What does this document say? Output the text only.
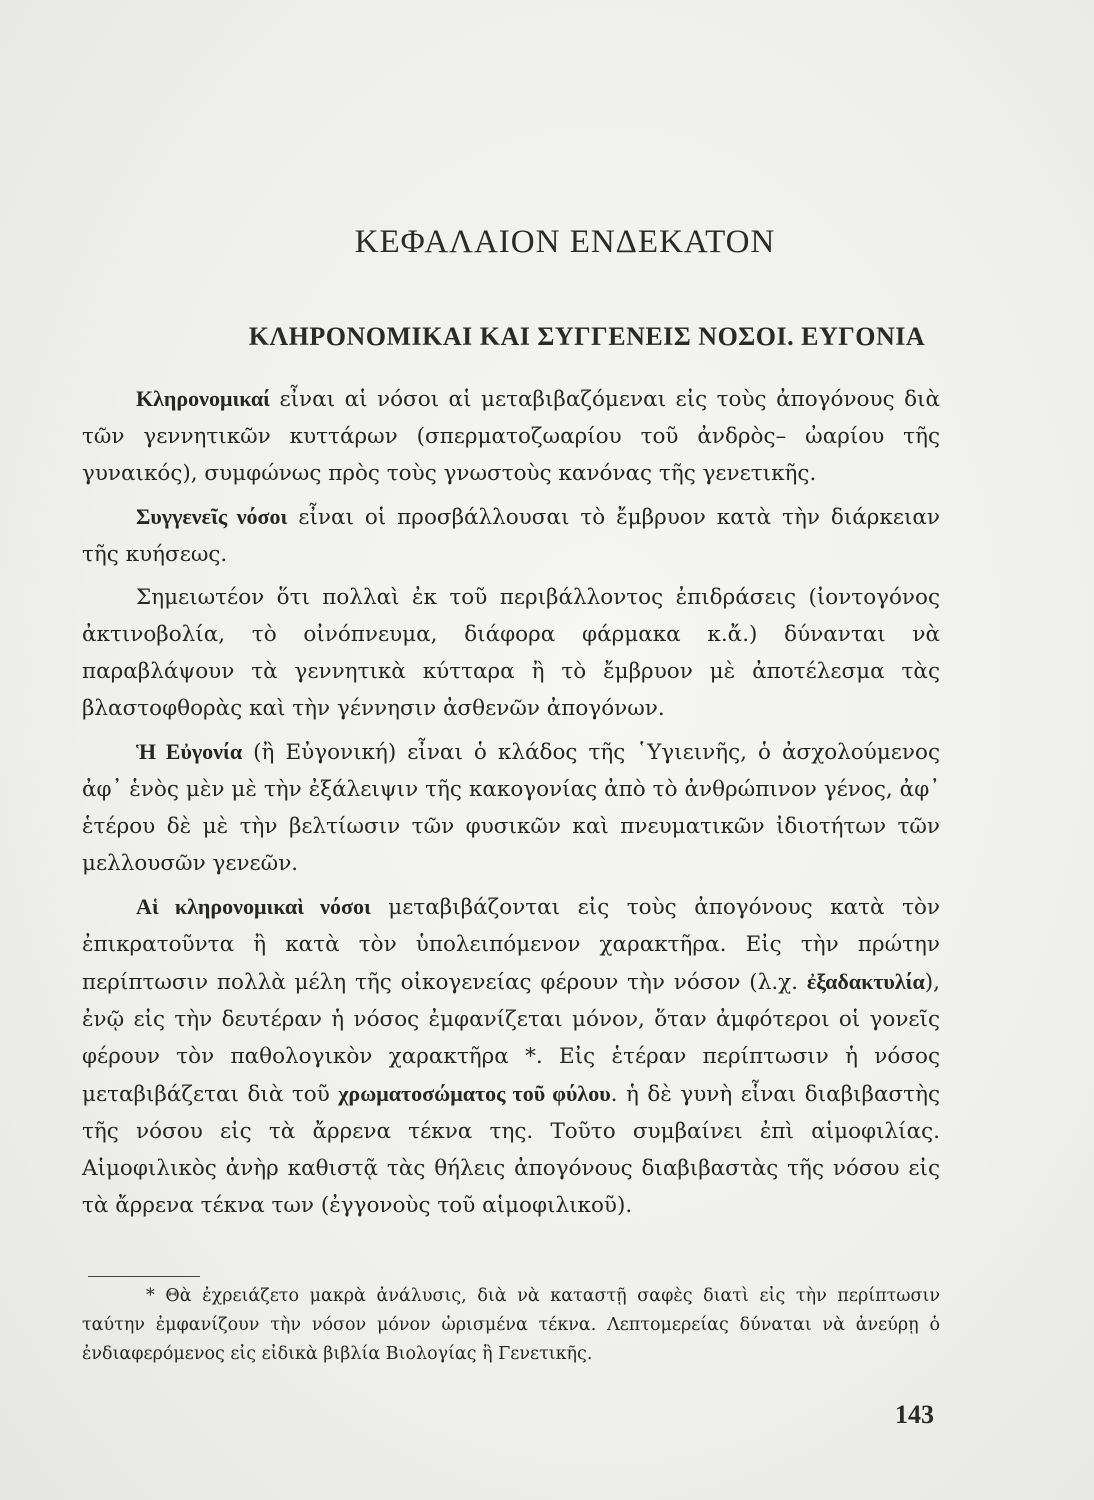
ΚΕΦΑΛΑΙΟΝ ΕΝΔΕΚΑΤΟΝ
ΚΛΗΡΟΝΟΜΙΚΑΙ ΚΑΙ ΣΥΓΓΕΝΕΙΣ ΝΟΣΟΙ. ΕΥΓΟΝΙΑ

Κληρονομικαί εἶναι αἱ νόσοι αἱ μεταβιβαζόμεναι εἰς τοὺς ἀπογόνους διὰ τῶν γεννητικῶν κυττάρων (σπερματοζωαρίου τοῦ ἀνδρὸς– ὠαρίου τῆς γυναικός), συμφώνως πρὸς τοὺς γνωστοὺς κανόνας τῆς γενετικῆς.

Συγγενεῖς νόσοι εἶναι οἱ προσβάλλουσαι τὸ ἔμβρυον κατὰ τὴν διάρκειαν τῆς κυήσεως.

Σημειωτέον ὅτι πολλαὶ ἐκ τοῦ περιβάλλοντος ἐπιδράσεις (ἰοντογόνος ἀκτινοβολία, τὸ οἰνόπνευμα, διάφορα φάρμακα κ.ἄ.) δύνανται νὰ παραβλάψουν τὰ γεννητικὰ κύτταρα ἢ τὸ ἔμβρυον μὲ ἀποτέλεσμα τὰς βλαστοφθορὰς καὶ τὴν γέννησιν ἀσθενῶν ἀπογόνων.

Ἡ Εὐγονία (ἢ Εὐγονική) εἶναι ὁ κλάδος τῆς ῾Υγιεινῆς, ὁ ἀσχολούμενος ἀφ᾿ ἑνὸς μὲν μὲ τὴν ἐξάλειψιν τῆς κακογονίας ἀπὸ τὸ ἀνθρώπινον γένος, ἀφ᾿ ἑτέρου δὲ μὲ τὴν βελτίωσιν τῶν φυσικῶν καὶ πνευματικῶν ἰδιοτήτων τῶν μελλουσῶν γενεῶν.

Αἱ κληρονομικαὶ νόσοι μεταβιβάζονται εἰς τοὺς ἀπογόνους κατὰ τὸν ἐπικρατοῦντα ἢ κατὰ τὸν ὑπολειπόμενον χαρακτῆρα. Εἰς τὴν πρώτην περίπτωσιν πολλὰ μέλη τῆς οἰκογενείας φέρουν τὴν νόσον (λ.χ. ἐξαδακτυλία), ἐνῷ εἰς τὴν δευτέραν ἡ νόσος ἐμφανίζεται μόνον, ὅταν ἀμφότεροι οἱ γονεῖς φέρουν τὸν παθολογικὸν χαρακτῆρα *. Εἰς ἑτέραν περίπτωσιν ἡ νόσος μεταβιβάζεται διὰ τοῦ χρωματοσώματος τοῦ φύλου. ἡ δὲ γυνὴ εἶναι διαβιβαστὴς τῆς νόσου εἰς τὰ ἄρρενα τέκνα της. Τοῦτο συμβαίνει ἐπὶ αἱμοφιλίας. Αἱμοφιλικὸς ἀνὴρ καθιστᾷ τὰς θήλεις ἀπογόνους διαβιβαστὰς τῆς νόσου εἰς τὰ ἄρρενα τέκνα των (ἐγγονοὺς τοῦ αἱμοφιλικοῦ).

* Θὰ ἐχρειάζετο μακρὰ ἀνάλυσις, διὰ νὰ καταστῇ σαφὲς διατὶ εἰς τὴν περίπτωσιν ταύτην ἐμφανίζουν τὴν νόσον μόνον ὡρισμένα τέκνα. Λεπτομερείας δύναται νὰ ἀνεύρῃ ὁ ἐνδιαφερόμενος εἰς εἰδικὰ βιβλία Βιολογίας ἢ Γενετικῆς.

143
